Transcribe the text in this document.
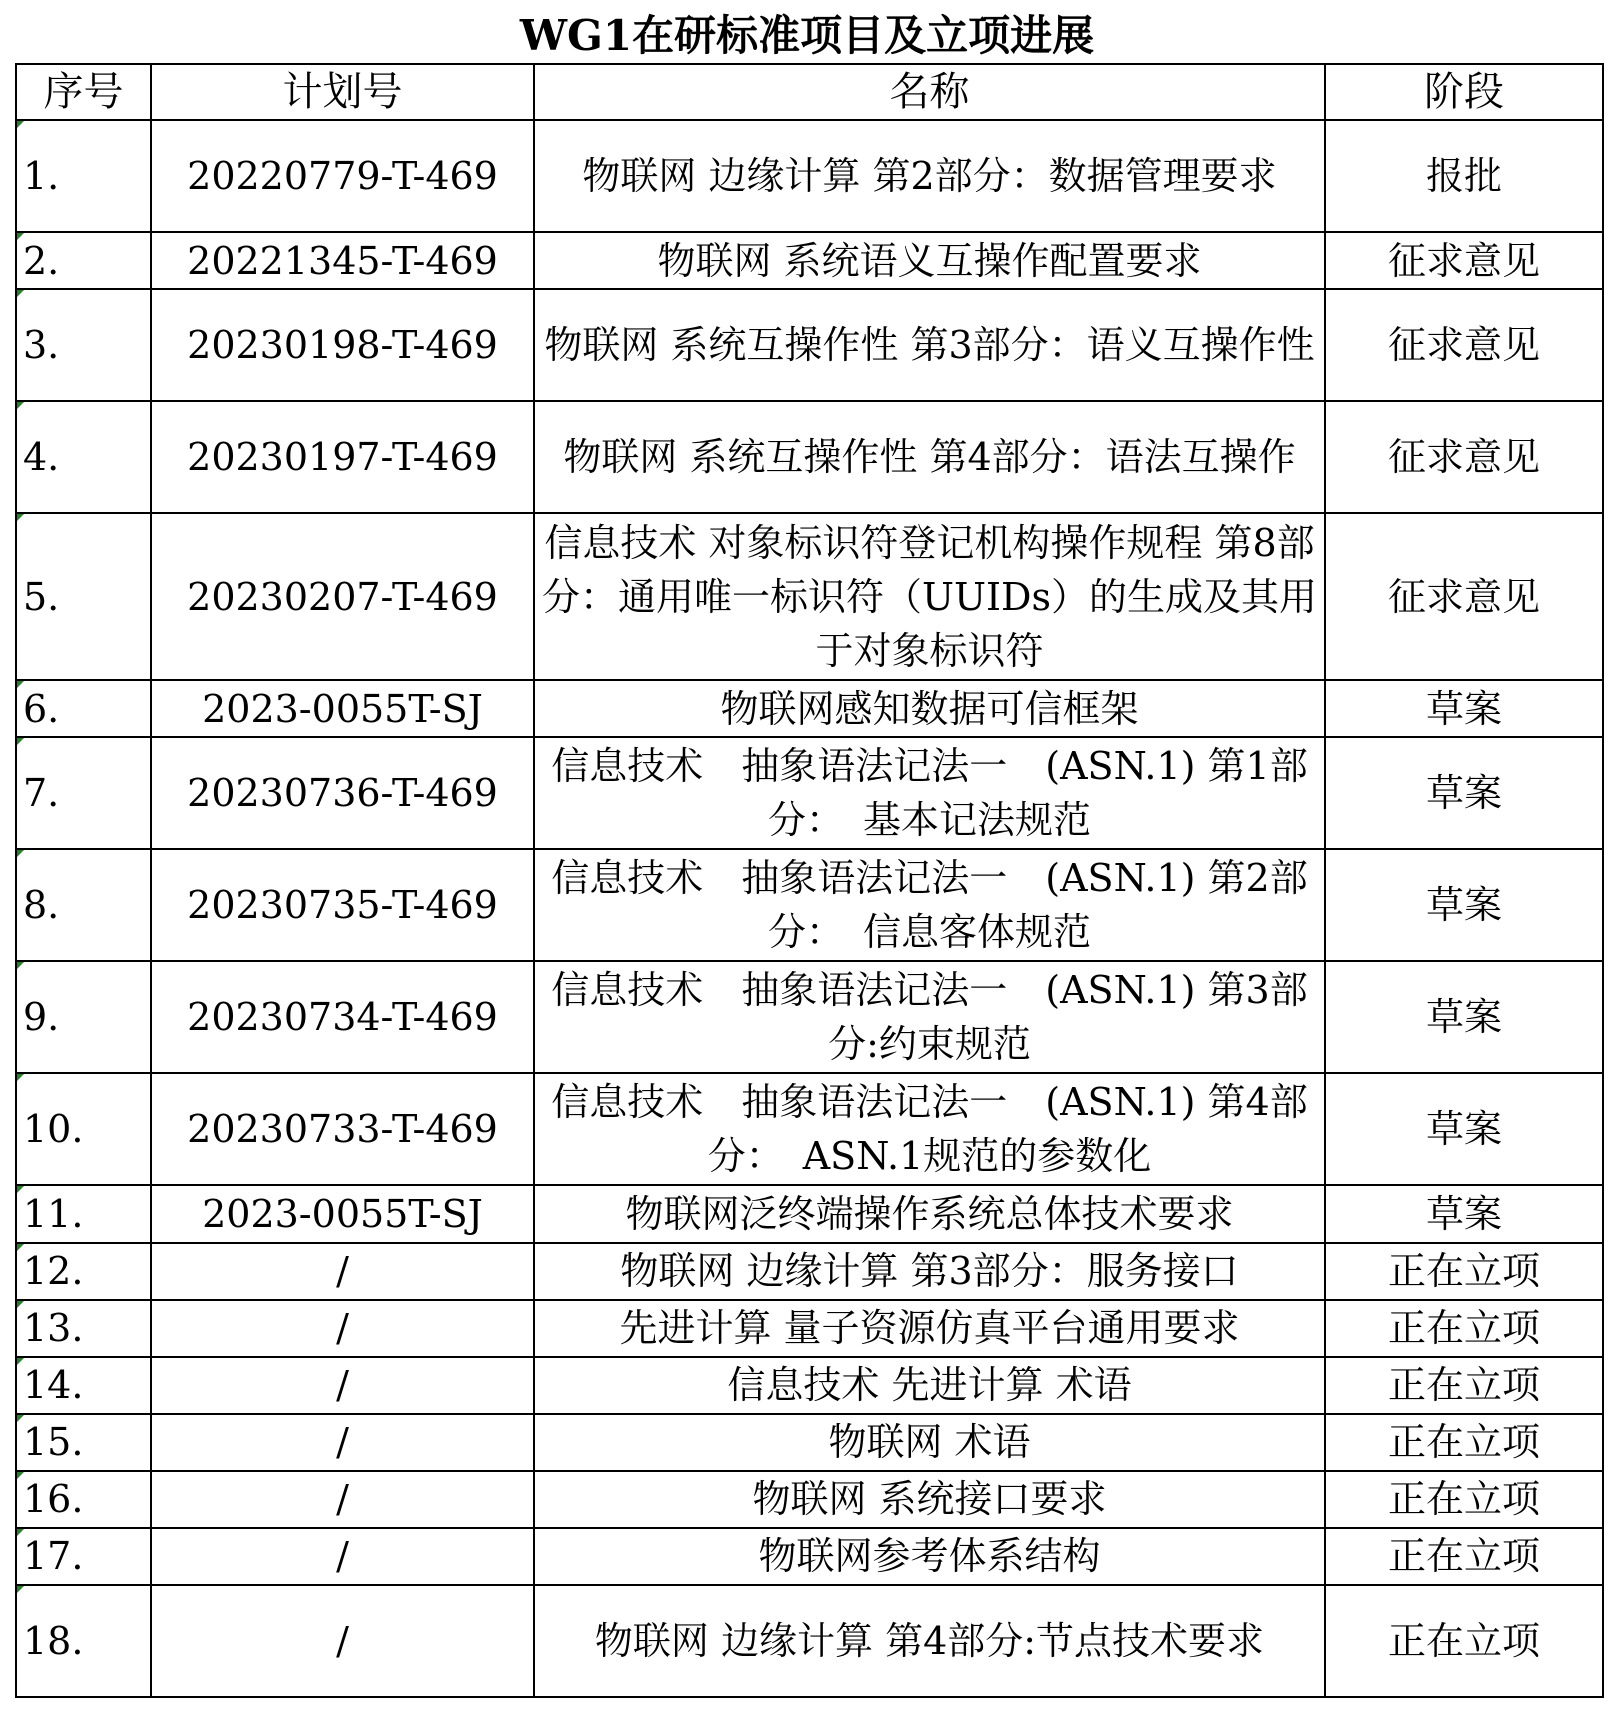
WG1在研标准项目及立项进展
序号	计划号	名称	阶段
1.	20220779-T-469	物联网 边缘计算 第2部分：数据管理要求	报批
2.	20221345-T-469	物联网 系统语义互操作配置要求	征求意见
3.	20230198-T-469	物联网 系统互操作性 第3部分：语义互操作性	征求意见
4.	20230197-T-469	物联网 系统互操作性 第4部分：语法互操作	征求意见
5.	20230207-T-469	信息技术 对象标识符登记机构操作规程 第8部分：通用唯一标识符（UUIDs）的生成及其用于对象标识符	征求意见
6.	2023-0055T-SJ	物联网感知数据可信框架	草案
7.	20230736-T-469	信息技术　抽象语法记法一　(ASN.1) 第1部分：　基本记法规范	草案
8.	20230735-T-469	信息技术　抽象语法记法一　(ASN.1) 第2部分：　信息客体规范	草案
9.	20230734-T-469	信息技术　抽象语法记法一　(ASN.1) 第3部分:约束规范	草案
10.	20230733-T-469	信息技术　抽象语法记法一　(ASN.1) 第4部分：　ASN.1规范的参数化	草案
11.	2023-0055T-SJ	物联网泛终端操作系统总体技术要求	草案
12.	/	物联网 边缘计算 第3部分：服务接口	正在立项
13.	/	先进计算 量子资源仿真平台通用要求	正在立项
14.	/	信息技术 先进计算 术语	正在立项
15.	/	物联网 术语	正在立项
16.	/	物联网 系统接口要求	正在立项
17.	/	物联网参考体系结构	正在立项
18.	/	物联网 边缘计算 第4部分:节点技术要求	正在立项
